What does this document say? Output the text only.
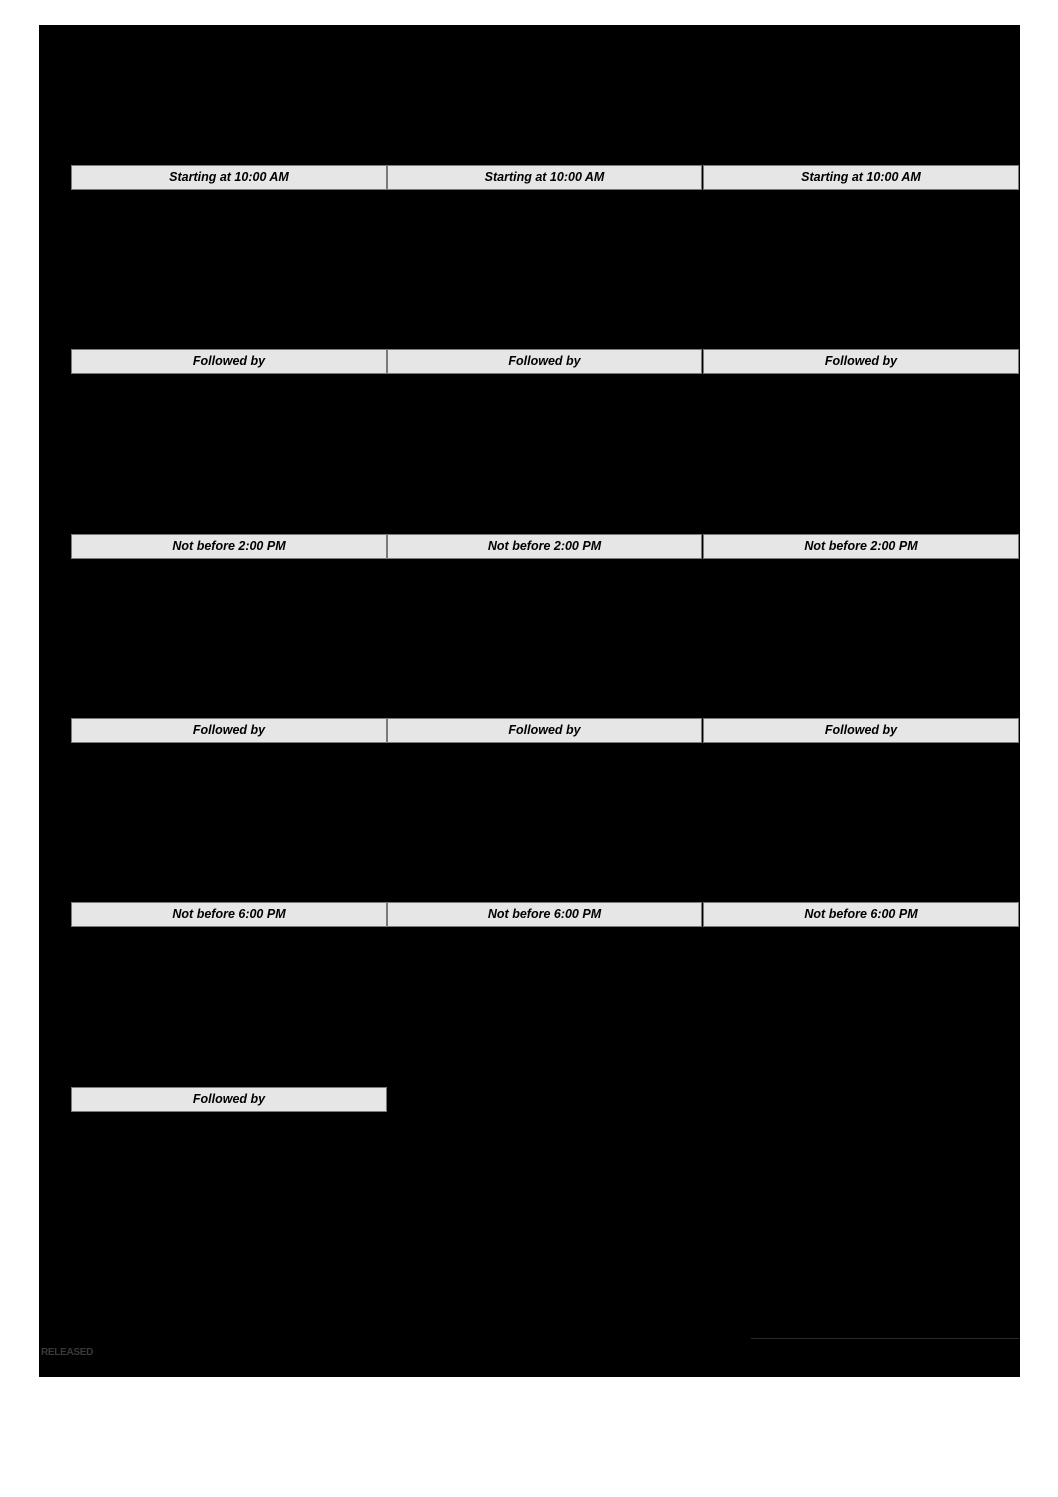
Starting at 10:00 AM	Starting at 10:00 AM	Starting at 10:00 AM
Followed by	Followed by	Followed by
Not before 2:00 PM	Not before 2:00 PM	Not before 2:00 PM
Followed by	Followed by	Followed by
Not before 6:00 PM	Not before 6:00 PM	Not before 6:00 PM
Followed by
RELEASED
